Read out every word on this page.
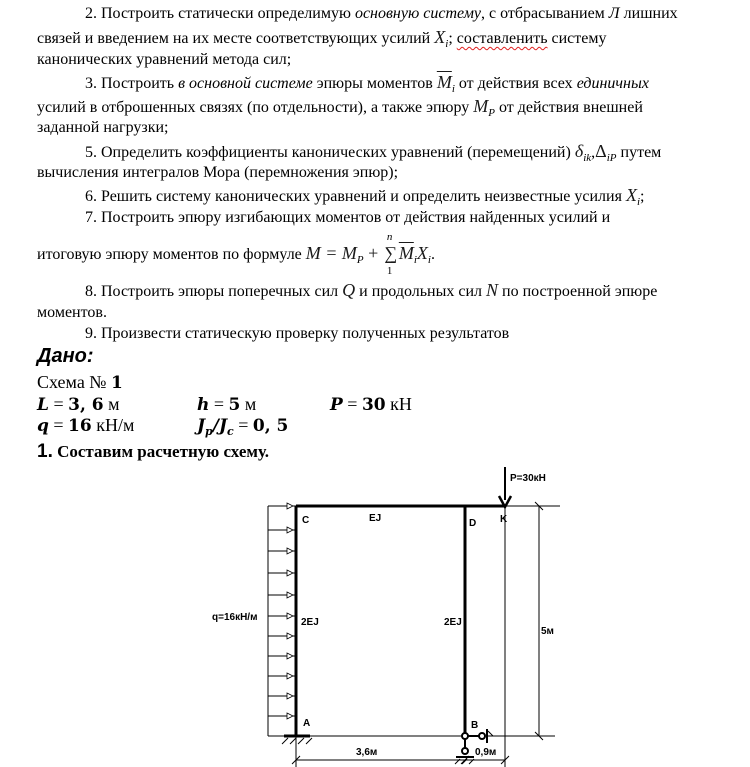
2. Построить статически определимую основную систему, с отбрасыванием Л лишних
связей и введением на их месте соответствующих усилий $X_i$; составленить систему
канонических уравнений метода сил;
3. Построить в основной системе эпюры моментов $\overline{M}_i$ от действия всех единичных
усилий в отброшенных связях (по отдельности), а также эпюру $M_P$ от действия внешней
заданной нагрузки;
5. Определить коэффициенты канонических уравнений (перемещений) $\delta_{ik},\Delta_{iP}$ путем
вычисления интегралов Мора (перемножения эпюр);
6. Решить систему канонических уравнений и определить неизвестные усилия $X_i$;
7. Построить эпюру изгибающих моментов от действия найденных усилий и
итоговую эпюру моментов по формуле $M = M_P$ +
n
∑
1
$\overline{M}_iX_i$.
8. Построить эпюры поперечных сил Q и продольных сил N по построенной эпюре
моментов.
9. Произвести статическую проверку полученных результатов
Дано:
Схема № 1
L = 3, 6 м	h = 5 м	P = 30 кН
q = 16 кН/м	$J_p/J_c = 0$, 5
1. Составим расчетную схему.
P=30кН
q=16кН/м
C	EJ	D K
2EJ	2EJ
5м
A	B
3,6м	0,9м
